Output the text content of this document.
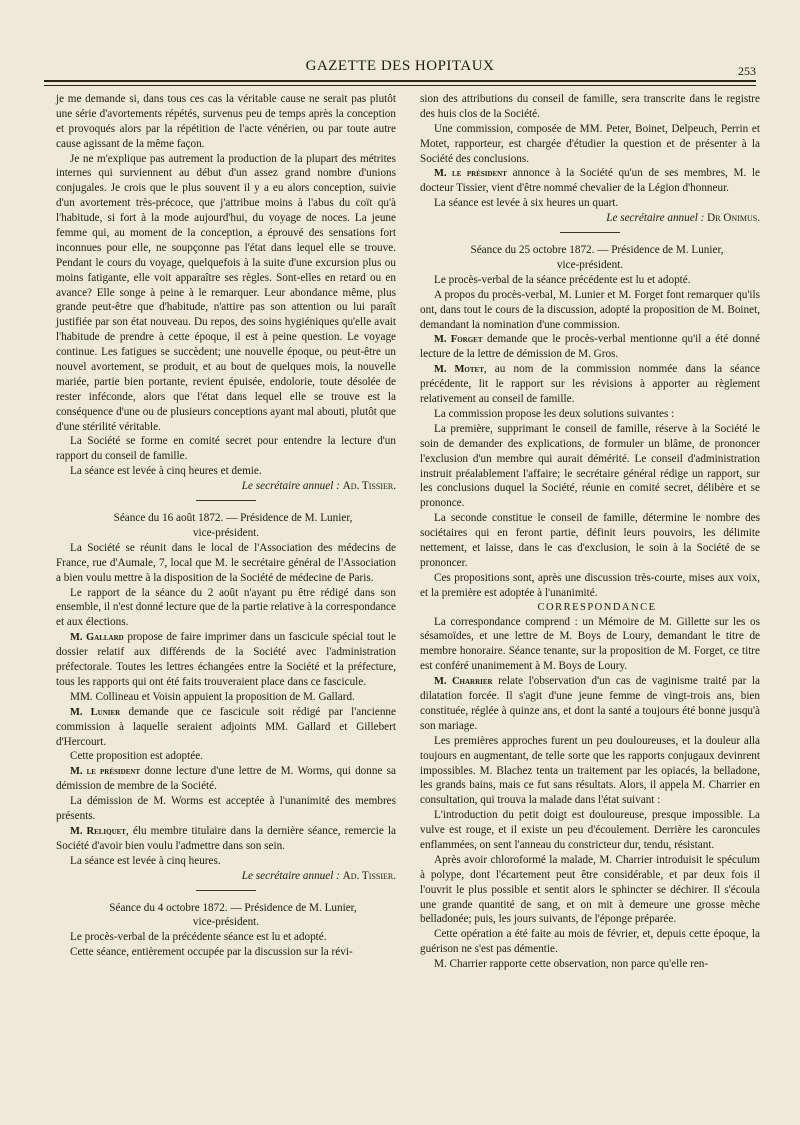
GAZETTE DES HOPITAUX	253

je me demande si, dans tous ces cas la véritable cause ne serait pas plutôt une série d'avortements répétés, survenus peu de temps après la conception et provoqués alors par la répétition de l'acte vénérien, ou par toute autre cause agissant de la même façon.

Je ne m'explique pas autrement la production de la plupart des métrites internes qui surviennent au début d'un assez grand nombre d'unions conjugales. Je crois que le plus souvent il y a eu alors conception, suivie d'un avortement très-précoce, que j'attribue moins à l'abus du coït qu'à l'habitude, si fort à la mode aujourd'hui, du voyage de noces. La jeune femme qui, au moment de la conception, a éprouvé des sensations fort inconnues pour elle, ne soupçonne pas l'état dans lequel elle se trouve. Pendant le cours du voyage, quelquefois à la suite d'une excursion plus ou moins fatigante, elle voit apparaître ses règles. Sont-elles en retard ou en avance? Elle songe à peine à le remarquer. Leur abondance même, plus grande peut-être que d'habitude, n'attire pas son attention ou lui paraît justifiée par son état nouveau. Du repos, des soins hygiéniques qu'elle avait l'habitude de prendre à cette époque, il est à peine question. Le voyage continue. Les fatigues se succèdent; une nouvelle époque, ou peut-être un nouvel avortement, se produit, et au bout de quelques mois, la nouvelle mariée, partie bien portante, revient épuisée, endolorie, toute désolée de rester inféconde, alors que l'état dans lequel elle se trouve est la conséquence d'une ou de plusieurs conceptions ayant mal abouti, plutôt que d'une stérilité véritable.

La Société se forme en comité secret pour entendre la lecture d'un rapport du conseil de famille.

La séance est levée à cinq heures et demie.

Le secrétaire annuel : Ad. Tissier.

Séance du 16 août 1872. — Présidence de M. Lunier,
vice-président.

La Société se réunit dans le local de l'Association des médecins de France, rue d'Aumale, 7, local que M. le secrétaire général de l'Association a bien voulu mettre à la disposition de la Société de médecine de Paris.

Le rapport de la séance du 2 août n'ayant pu être rédigé dans son ensemble, il n'est donné lecture que de la partie relative à la correspondance et aux élections.

M. Gallard propose de faire imprimer dans un fascicule spécial tout le dossier relatif aux différends de la Société avec l'administration préfectorale. Toutes les lettres échangées entre la Société et la préfecture, tous les rapports qui ont été faits trouveraient place dans ce fascicule.

MM. Collineau et Voisin appuient la proposition de M. Gallard.

M. Lunier demande que ce fascicule soit rédigé par l'ancienne commission à laquelle seraient adjoints MM. Gallard et Gillebert d'Hercourt.

Cette proposition est adoptée.

M. le président donne lecture d'une lettre de M. Worms, qui donne sa démission de membre de la Société.

La démission de M. Worms est acceptée à l'unanimité des membres présents.

M. Reliquet, élu membre titulaire dans la dernière séance, remercie la Société d'avoir bien voulu l'admettre dans son sein.

La séance est levée à cinq heures.

Le secrétaire annuel : Ad. Tissier.

Séance du 4 octobre 1872. — Présidence de M. Lunier,
vice-président.

Le procès-verbal de la précédente séance est lu et adopté.

Cette séance, entièrement occupée par la discussion sur la révi-

sion des attributions du conseil de famille, sera transcrite dans le registre des huis clos de la Société.

Une commission, composée de MM. Peter, Boinet, Delpeuch, Perrin et Motet, rapporteur, est chargée d'étudier la question et de présenter à la Société des conclusions.

M. le président annonce à la Société qu'un de ses membres, M. le docteur Tissier, vient d'être nommé chevalier de la Légion d'honneur.

La séance est levée à six heures un quart.

Le secrétaire annuel : Dr Onimus.

Séance du 25 octobre 1872. — Présidence de M. Lunier,
vice-président.

Le procès-verbal de la séance précédente est lu et adopté.

A propos du procès-verbal, M. Lunier et M. Forget font remarquer qu'ils ont, dans tout le cours de la discussion, adopté la proposition de M. Boinet, demandant la nomination d'une commission.

M. Forget demande que le procès-verbal mentionne qu'il a été donné lecture de la lettre de démission de M. Gros.

M. Motet, au nom de la commission nommée dans la séance précédente, lit le rapport sur les révisions à apporter au règlement relativement au conseil de famille.

La commission propose les deux solutions suivantes :

La première, supprimant le conseil de famille, réserve à la Société le soin de demander des explications, de formuler un blâme, de prononcer l'exclusion d'un membre qui aurait démérité. Le conseil d'administration instruit préalablement l'affaire; le secrétaire général rédige un rapport, sur les conclusions duquel la Société, réunie en comité secret, délibère et se prononce.

La seconde constitue le conseil de famille, détermine le nombre des sociétaires qui en feront partie, définit leurs pouvoirs, les délimite nettement, et laisse, dans le cas d'exclusion, le soin à la Société de se prononcer.

Ces propositions sont, après une discussion très-courte, mises aux voix, et la première est adoptée à l'unanimité.

CORRESPONDANCE

La correspondance comprend : un Mémoire de M. Gillette sur les os sésamoïdes, et une lettre de M. Boys de Loury, demandant le titre de membre honoraire. Séance tenante, sur la proposition de M. Forget, ce titre est conféré unanimement à M. Boys de Loury.

M. Charrier relate l'observation d'un cas de vaginisme traité par la dilatation forcée. Il s'agit d'une jeune femme de vingt-trois ans, bien constituée, réglée à quinze ans, et dont la santé a toujours été bonne jusqu'à son mariage.

Les premières approches furent un peu douloureuses, et la douleur alla toujours en augmentant, de telle sorte que les rapports conjugaux devinrent impossibles. M. Blachez tenta un traitement par les opiacés, la belladone, les grands bains, mais ce fut sans résultats. Alors, il appela M. Charrier en consultation, qui trouva la malade dans l'état suivant :

L'introduction du petit doigt est douloureuse, presque impossible. La vulve est rouge, et il existe un peu d'écoulement. Derrière les caroncules enflammées, on sent l'anneau du constricteur dur, tendu, résistant.

Après avoir chloroformé la malade, M. Charrier introduisit le spéculum à polype, dont l'écartement peut être considérable, et par deux fois il l'ouvrit le plus possible et sentit alors le sphincter se déchirer. Il s'écoula une grande quantité de sang, et on mit à demeure une grosse mèche belladonée; puis, les jours suivants, de l'éponge préparée.

Cette opération a été faite au mois de février, et, depuis cette époque, la guérison ne s'est pas démentie.

M. Charrier rapporte cette observation, non parce qu'elle ren-
